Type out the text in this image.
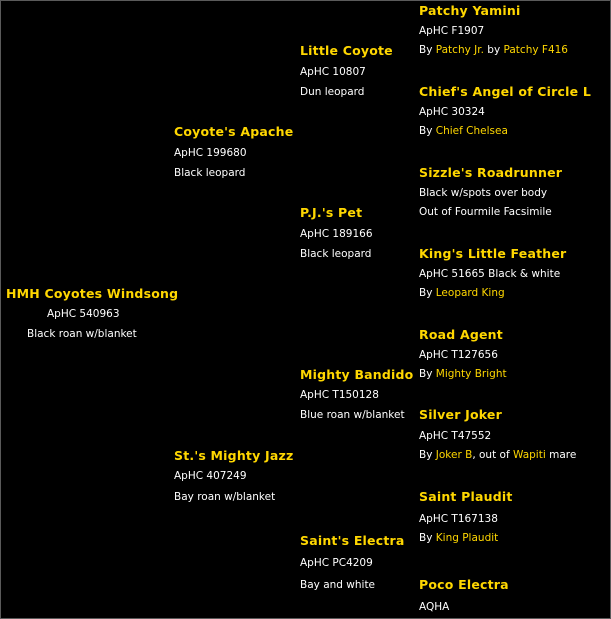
HMH Coyotes Windsong
ApHC 540963
Black roan w/blanket
Coyote's Apache
ApHC 199680
Black leopard
St.'s Mighty Jazz
ApHC 407249
Bay roan w/blanket
Little Coyote
ApHC 10807
Dun leopard
P.J.'s Pet
ApHC 189166
Black leopard
Mighty Bandido
ApHC T150128
Blue roan w/blanket
Saint's Electra
ApHC PC4209
Bay and white
Patchy Yamini
ApHC F1907
By Patchy Jr. by Patchy F416
Chief's Angel of Circle L
ApHC 30324
By Chief Chelsea
Sizzle's Roadrunner
Black w/spots over body
Out of Fourmile Facsimile
King's Little Feather
ApHC 51665 Black & white
By Leopard King
Road Agent
ApHC T127656
By Mighty Bright
Silver Joker
ApHC T47552
By Joker B, out of Wapiti mare
Saint Plaudit
ApHC T167138
By King Plaudit
Poco Electra
AQHA
